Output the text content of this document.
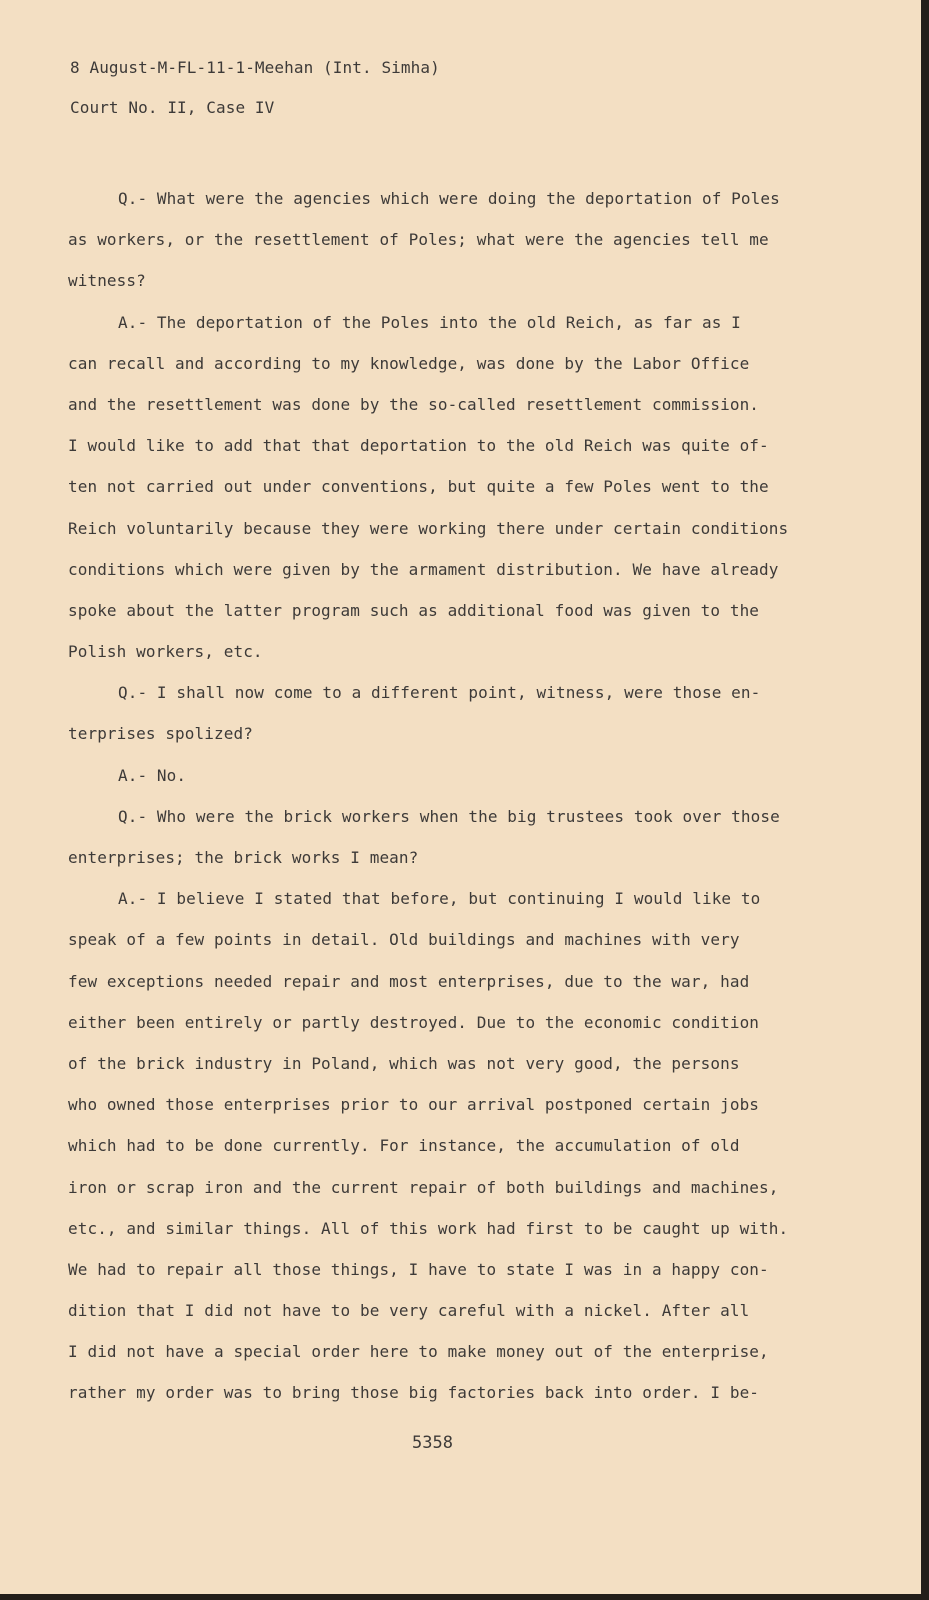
8 August-M-FL-11-1-Meehan (Int. Simha)
Court No. II, Case IV
Q.- What were the agencies which were doing the deportation of Poles
as workers, or the resettlement of Poles; what were the agencies tell me
witness?
A.- The deportation of the Poles into the old Reich, as far as I
can recall and according to my knowledge, was done by the Labor Office
and the resettlement was done by the so-called resettlement commission.
I would like to add that that deportation to the old Reich was quite of-
ten not carried out under conventions, but quite a few Poles went to the
Reich voluntarily because they were working there under certain conditions
conditions which were given by the armament distribution. We have already
spoke about the latter program such as additional food was given to the
Polish workers, etc.
Q.- I shall now come to a different point, witness, were those en-
terprises spolized?
A.- No.
Q.- Who were the brick workers when the big trustees took over those
enterprises; the brick works I mean?
A.- I believe I stated that before, but continuing I would like to
speak of a few points in detail. Old buildings and machines with very
few exceptions needed repair and most enterprises, due to the war, had
either been entirely or partly destroyed. Due to the economic condition
of the brick industry in Poland, which was not very good, the persons
who owned those enterprises prior to our arrival postponed certain jobs
which had to be done currently. For instance, the accumulation of old
iron or scrap iron and the current repair of both buildings and machines,
etc., and similar things. All of this work had first to be caught up with.
We had to repair all those things, I have to state I was in a happy con-
dition that I did not have to be very careful with a nickel. After all
I did not have a special order here to make money out of the enterprise,
rather my order was to bring those big factories back into order. I be-
5358
